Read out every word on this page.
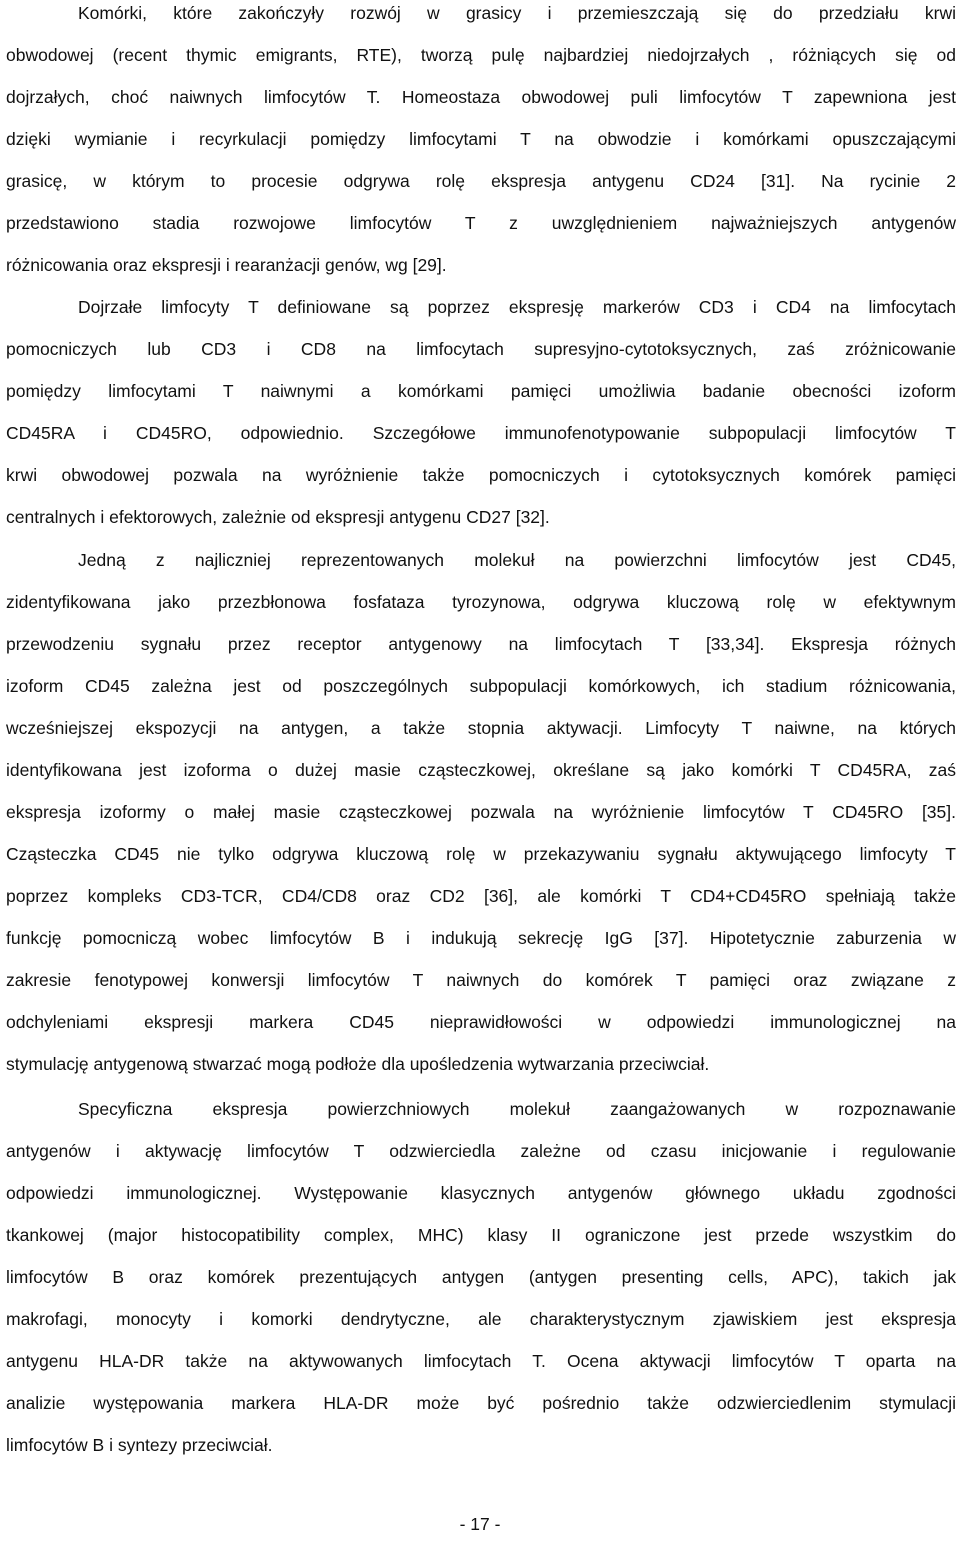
Komórki, które zakończyły rozwój w grasicy i przemieszczają się do przedziału krwi
obwodowej (recent thymic emigrants, RTE), tworzą pulę najbardziej niedojrzałych , różniących się od
dojrzałych, choć naiwnych limfocytów T. Homeostaza obwodowej puli limfocytów T zapewniona jest
dzięki wymianie i recyrkulacji pomiędzy limfocytami T na obwodzie i komórkami opuszczającymi
grasicę, w którym to procesie odgrywa rolę ekspresja antygenu CD24 [31]. Na rycinie 2
przedstawiono stadia rozwojowe limfocytów T z uwzględnieniem najważniejszych antygenów
różnicowania oraz ekspresji i rearanżacji genów, wg [29].
Dojrzałe limfocyty T definiowane są poprzez ekspresję markerów CD3 i CD4 na limfocytach
pomocniczych lub CD3 i CD8 na limfocytach supresyjno-cytotoksycznych, zaś zróżnicowanie
pomiędzy limfocytami T naiwnymi a komórkami pamięci umożliwia badanie obecności izoform
CD45RA i CD45RO, odpowiednio. Szczegółowe immunofenotypowanie subpopulacji limfocytów T
krwi obwodowej pozwala na wyróżnienie także pomocniczych i cytotoksycznych komórek pamięci
centralnych i efektorowych, zależnie od ekspresji antygenu CD27 [32].
Jedną z najliczniej reprezentowanych molekuł na powierzchni limfocytów jest CD45,
zidentyfikowana jako przezbłonowa fosfataza tyrozynowa, odgrywa kluczową rolę w efektywnym
przewodzeniu sygnału przez receptor antygenowy na limfocytach T [33,34]. Ekspresja różnych
izoform CD45 zależna jest od poszczególnych subpopulacji komórkowych, ich stadium różnicowania,
wcześniejszej ekspozycji na antygen, a także stopnia aktywacji. Limfocyty T naiwne, na których
identyfikowana jest izoforma o dużej masie cząsteczkowej, określane są jako komórki T CD45RA, zaś
ekspresja izoformy o małej masie cząsteczkowej pozwala na wyróżnienie limfocytów T CD45RO [35].
Cząsteczka CD45 nie tylko odgrywa kluczową rolę w przekazywaniu sygnału aktywującego limfocyty T
poprzez kompleks CD3-TCR, CD4/CD8 oraz CD2 [36], ale komórki T CD4+CD45RO spełniają także
funkcję pomocniczą wobec limfocytów B i indukują sekrecję IgG [37]. Hipotetycznie zaburzenia w
zakresie fenotypowej konwersji limfocytów T naiwnych do komórek T pamięci oraz związane z
odchyleniami ekspresji markera CD45 nieprawidłowości w odpowiedzi immunologicznej na
stymulację antygenową stwarzać mogą podłoże dla upośledzenia wytwarzania przeciwciał.
Specyficzna ekspresja powierzchniowych molekuł zaangażowanych w rozpoznawanie
antygenów i aktywację limfocytów T odzwierciedla zależne od czasu inicjowanie i regulowanie
odpowiedzi immunologicznej. Występowanie klasycznych antygenów głównego układu zgodności
tkankowej (major histocopatibility complex, MHC) klasy II ograniczone jest przede wszystkim do
limfocytów B oraz komórek prezentujących antygen (antygen presenting cells, APC), takich jak
makrofagi, monocyty i komorki dendrytyczne, ale charakterystycznym zjawiskiem jest ekspresja
antygenu HLA-DR także na aktywowanych limfocytach T. Ocena aktywacji limfocytów T oparta na
analizie występowania markera HLA-DR może być pośrednio także odzwierciedlenim stymulacji
limfocytów B i syntezy przeciwciał.
- 17 -
